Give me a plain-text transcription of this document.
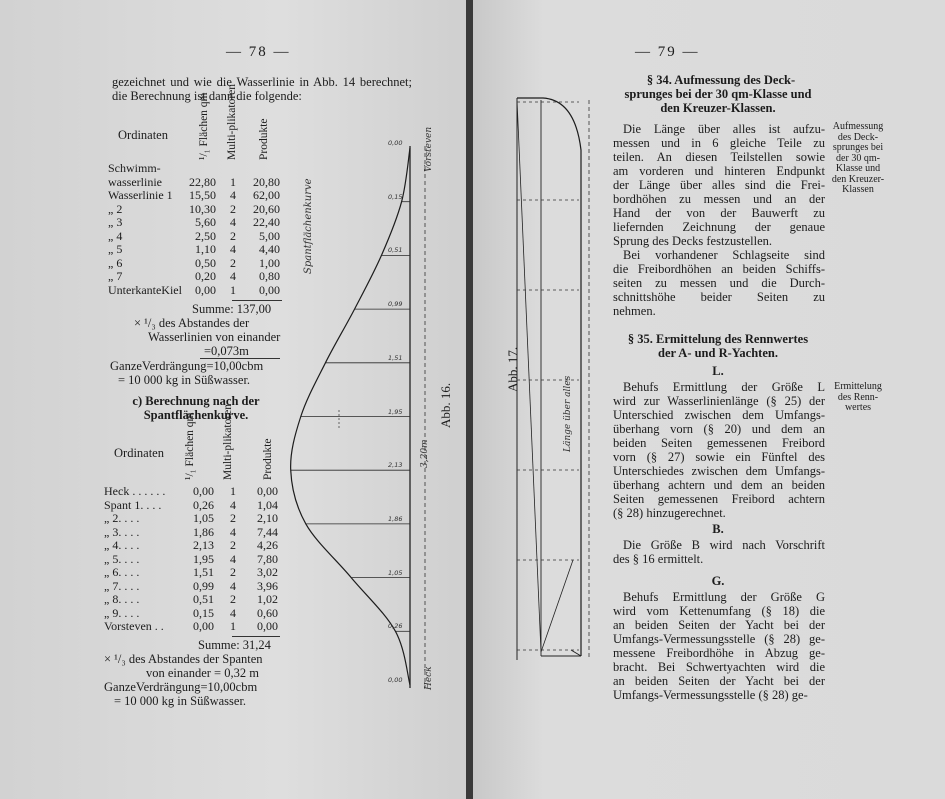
— 78 —
gezeichnet und wie die Wasserlinie in Abb. 14 berechnet; die Berechnung ist dann die folgende:
Ordinaten	¹/₁ Flächen qm Multi-plikatoren Produkte
Schwimm-			
wasserlinie	22,80	1	20,80
Wasserlinie 1	15,50	4	62,00
„ 2	10,30	2	20,60
„ 3	5,60	4	22,40
„ 4	2,50	2	5,00
„ 5	1,10	4	4,40
„ 6	0,50	2	1,00
„ 7	0,20	4	0,80
UnterkanteKiel	0,00	1	0,00
Summe: 137,00
× ¹/₃ des Abstandes der
Wasserlinien von einander
=0,073m
GanzeVerdrängung=10,00cbm
= 10 000 kg in Süßwasser.
c) Berechnung nach der
Spantflächenkurve.
Ordinaten ¹/₁ Flächen qm Multi-plikatoren Produkte
Heck . . . . . .	0,00	1	0,00
Spant 1. . . .	0,26	4	1,04
„ 2. . . .	1,05	2	2,10
„ 3. . . .	1,86	4	7,44
„ 4. . . .	2,13	2	4,26
„ 5. . . .	1,95	4	7,80
„ 6. . . .	1,51	2	3,02
„ 7. . . .	0,99	4	3,96
„ 8. . . .	0,51	2	1,02
„ 9. . . .	0,15	4	0,60
Vorsteven . .	0,00	1	0,00
Summe: 31,24
× ¹/₃ des Abstandes der Spanten
von einander = 0,32 m
GanzeVerdrängung=10,00cbm
= 10 000 kg in Süßwasser.
0,00
0,15
0,51
0,99
1,51
1,95
2,13
1,86
1,05
0,26
0,00
Spantflächenkurve
Vorsteven
Heck
3,20m
Abb. 16.
— 79 —
Abb. 17.
Länge über alles
§ 34. Aufmessung des Deck-
sprunges bei der 30 qm-Klasse und
den Kreuzer-Klassen.
Die Länge über alles ist aufzu-
messen und in 6 gleiche Teile zu
teilen. An diesen Teilstellen sowie
am vorderen und hinteren Endpunkt
der Länge über alles sind die Frei-
bordhöhen zu messen und an der
Hand der von der Bauwerft zu
liefernden Zeichnung der genaue
Sprung des Decks festzustellen.
Bei vorhandener Schlagseite sind
die Freibordhöhen an beiden Schiffs-
seiten zu messen und die Durch-
schnittshöhe beider Seiten zu
nehmen.
Aufmessung
des Deck-
sprunges bei
der 30 qm-
Klasse und
den Kreuzer-
Klassen
§ 35. Ermittelung des Rennwertes
der A- und R-Yachten.
L.
Behufs Ermittlung der Größe L
wird zur Wasserlinienlänge (§ 25) der
Unterschied zwischen dem Umfangs-
überhang vorn (§ 20) und dem an
beiden Seiten gemessenen Freibord
vorn (§ 27) sowie ein Fünftel des
Unterschiedes zwischen dem Umfangs-
überhang achtern und dem an beiden
Seiten gemessenen Freibord achtern
(§ 28) hinzugerechnet.
Ermittelung
des Renn-
wertes
B.
Die Größe B wird nach Vorschrift
des § 16 ermittelt.
G.
Behufs Ermittlung der Größe G
wird vom Kettenumfang (§ 18) die
an beiden Seiten der Yacht bei der
Umfangs-Vermessungsstelle (§ 28) ge-
messene Freibordhöhe in Abzug ge-
bracht. Bei Schwertyachten wird die
an beiden Seiten der Yacht bei der
Umfangs-Vermessungsstelle (§ 28) ge-
